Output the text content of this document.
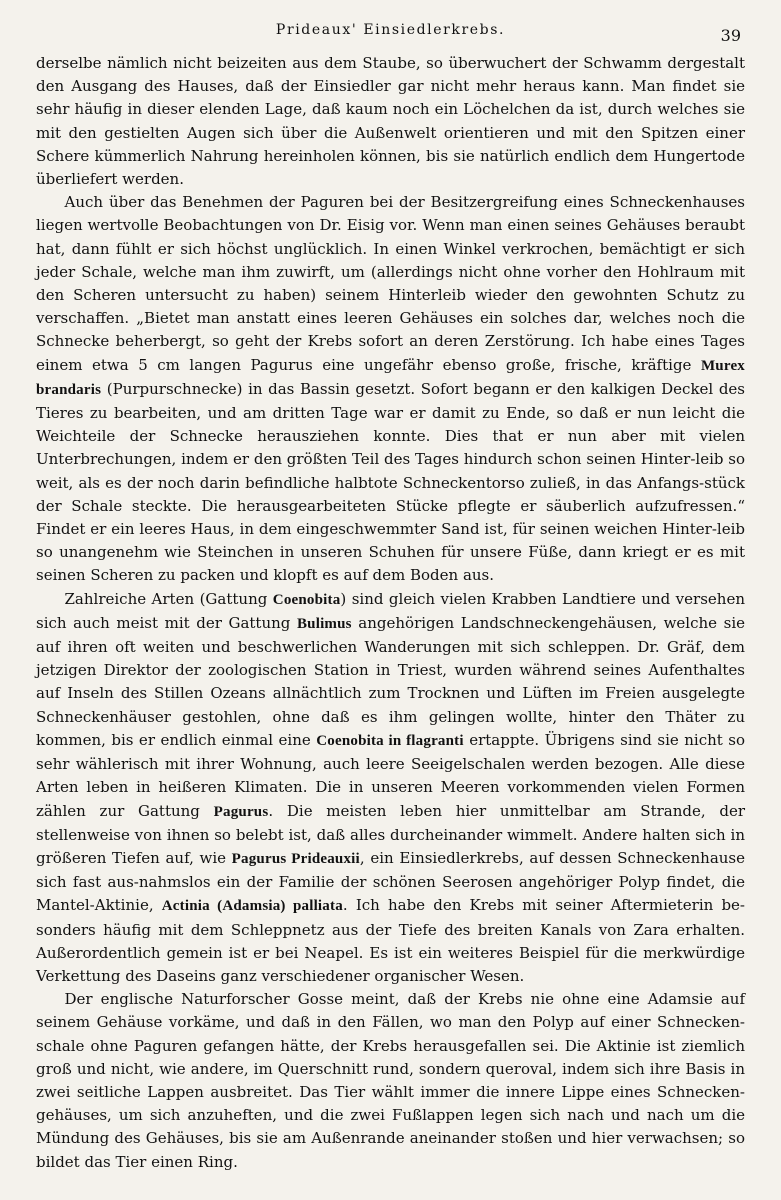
Prideaux' Einsiedlerkrebs.	39

derselbe nämlich nicht beizeiten aus dem Staube, so überwuchert der Schwamm dergestalt den Ausgang des Hauses, daß der Einsiedler gar nicht mehr heraus kann. Man findet sie sehr häufig in dieser elenden Lage, daß kaum noch ein Löchelchen da ist, durch welches sie mit den gestielten Augen sich über die Außenwelt orientieren und mit den Spitzen einer Schere kümmerlich Nahrung hereinholen können, bis sie natürlich endlich dem Hungertode überliefert werden.

Auch über das Benehmen der Paguren bei der Besitzergreifung eines Schneckenhauses liegen wertvolle Beobachtungen von Dr. Eisig vor. Wenn man einen seines Gehäuses beraubt hat, dann fühlt er sich höchst unglücklich. In einen Winkel verkrochen, bemächtigt er sich jeder Schale, welche man ihm zuwirft, um (allerdings nicht ohne vorher den Hohlraum mit den Scheren untersucht zu haben) seinem Hinterleib wieder den gewohnten Schutz zu verschaffen. „Bietet man anstatt eines leeren Gehäuses ein solches dar, welches noch die Schnecke beherbergt, so geht der Krebs sofort an deren Zerstörung. Ich habe eines Tages einem etwa 5 cm langen Pagurus eine ungefähr ebenso große, frische, kräftige Murex brandaris (Purpurschnecke) in das Bassin gesetzt. Sofort begann er den kalkigen Deckel des Tieres zu bearbeiten, und am dritten Tage war er damit zu Ende, so daß er nun leicht die Weichteile der Schnecke herausziehen konnte. Dies that er nun aber mit vielen Unterbrechungen, indem er den größten Teil des Tages hindurch schon seinen Hinter-leib so weit, als es der noch darin befindliche halbtote Schneckentorso zuließ, in das Anfangs-stück der Schale steckte. Die herausgearbeiteten Stücke pflegte er säuberlich aufzufressen.“ Findet er ein leeres Haus, in dem eingeschwemmter Sand ist, für seinen weichen Hinter-leib so unangenehm wie Steinchen in unseren Schuhen für unsere Füße, dann kriegt er es mit seinen Scheren zu packen und klopft es auf dem Boden aus.

Zahlreiche Arten (Gattung Coenobita) sind gleich vielen Krabben Landtiere und versehen sich auch meist mit der Gattung Bulimus angehörigen Landschneckengehäusen, welche sie auf ihren oft weiten und beschwerlichen Wanderungen mit sich schleppen. Dr. Gräf, dem jetzigen Direktor der zoologischen Station in Triest, wurden während seines Aufenthaltes auf Inseln des Stillen Ozeans allnächtlich zum Trocknen und Lüften im Freien ausgelegte Schneckenhäuser gestohlen, ohne daß es ihm gelingen wollte, hinter den Thäter zu kommen, bis er endlich einmal eine Coenobita in flagranti ertappte. Übrigens sind sie nicht so sehr wählerisch mit ihrer Wohnung, auch leere Seeigelschalen werden bezogen. Alle diese Arten leben in heißeren Klimaten. Die in unseren Meeren vorkommenden vielen Formen zählen zur Gattung Pagurus. Die meisten leben hier unmittelbar am Strande, der stellenweise von ihnen so belebt ist, daß alles durcheinander wimmelt. Andere halten sich in größeren Tiefen auf, wie Pagurus Prideauxii, ein Einsiedlerkrebs, auf dessen Schneckenhause sich fast aus-nahmslos ein der Familie der schönen Seerosen angehöriger Polyp findet, die Mantel-Aktinie, Actinia (Adamsia) palliata. Ich habe den Krebs mit seiner Aftermieterin be-sonders häufig mit dem Schleppnetz aus der Tiefe des breiten Kanals von Zara erhalten. Außerordentlich gemein ist er bei Neapel. Es ist ein weiteres Beispiel für die merkwürdige Verkettung des Daseins ganz verschiedener organischer Wesen.

Der englische Naturforscher Gosse meint, daß der Krebs nie ohne eine Adamsie auf seinem Gehäuse vorkäme, und daß in den Fällen, wo man den Polyp auf einer Schnecken-schale ohne Paguren gefangen hätte, der Krebs herausgefallen sei. Die Aktinie ist ziemlich groß und nicht, wie andere, im Querschnitt rund, sondern queroval, indem sich ihre Basis in zwei seitliche Lappen ausbreitet. Das Tier wählt immer die innere Lippe eines Schnecken-gehäuses, um sich anzuheften, und die zwei Fußlappen legen sich nach und nach um die Mündung des Gehäuses, bis sie am Außenrande aneinander stoßen und hier verwachsen; so bildet das Tier einen Ring.
